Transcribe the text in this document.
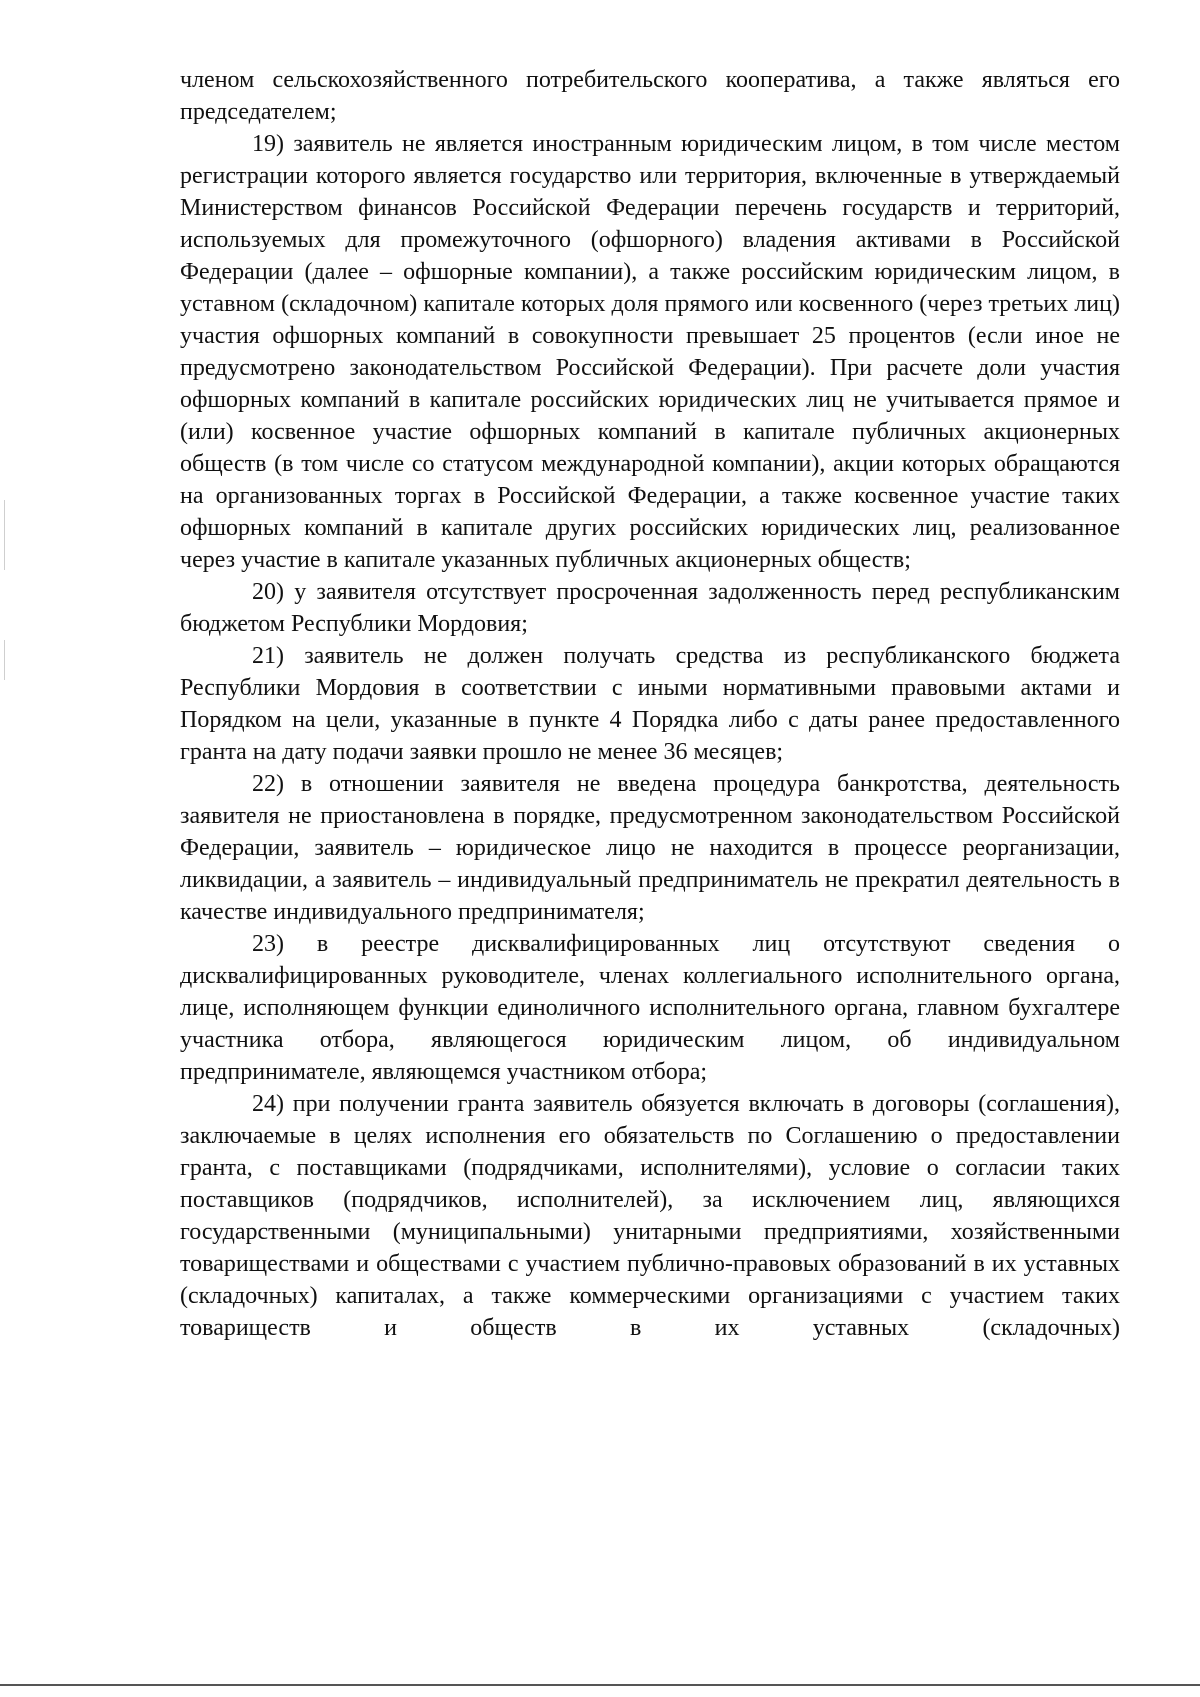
членом сельскохозяйственного потребительского кооператива, а также являться его председателем;

19) заявитель не является иностранным юридическим лицом, в том числе местом регистрации которого является государство или территория, включенные в утверждаемый Министерством финансов Российской Федерации перечень государств и территорий, используемых для промежуточного (офшорного) владения активами в Российской Федерации (далее – офшорные компании), а также российским юридическим лицом, в уставном (складочном) капитале которых доля прямого или косвенного (через третьих лиц) участия офшорных компаний в совокупности превышает 25 процентов (если иное не предусмотрено законодательством Российской Федерации). При расчете доли участия офшорных компаний в капитале российских юридических лиц не учитывается прямое и (или) косвенное участие офшорных компаний в капитале публичных акционерных обществ (в том числе со статусом международной компании), акции которых обращаются на организованных торгах в Российской Федерации, а также косвенное участие таких офшорных компаний в капитале других российских юридических лиц, реализованное через участие в капитале указанных публичных акционерных обществ;

20) у заявителя отсутствует просроченная задолженность перед республиканским бюджетом Республики Мордовия;

21) заявитель не должен получать средства из республиканского бюджета Республики Мордовия в соответствии с иными нормативными правовыми актами и Порядком на цели, указанные в пункте 4 Порядка либо с даты ранее предоставленного гранта на дату подачи заявки прошло не менее 36 месяцев;

22) в отношении заявителя не введена процедура банкротства, деятельность заявителя не приостановлена в порядке, предусмотренном законодательством Российской Федерации, заявитель – юридическое лицо не находится в процессе реорганизации, ликвидации, а заявитель – индивидуальный предприниматель не прекратил деятельность в качестве индивидуального предпринимателя;

23) в реестре дисквалифицированных лиц отсутствуют сведения о дисквалифицированных руководителе, членах коллегиального исполнительного органа, лице, исполняющем функции единоличного исполнительного органа, главном бухгалтере участника отбора, являющегося юридическим лицом, об индивидуальном предпринимателе, являющемся участником отбора;

24) при получении гранта заявитель обязуется включать в договоры (соглашения), заключаемые в целях исполнения его обязательств по Соглашению о предоставлении гранта, с поставщиками (подрядчиками, исполнителями), условие о согласии таких поставщиков (подрядчиков, исполнителей), за исключением лиц, являющихся государственными (муниципальными) унитарными предприятиями, хозяйственными товариществами и обществами с участием публично-правовых образований в их уставных (складочных) капиталах, а также коммерческими организациями с участием таких товариществ и обществ в их уставных (складочных)
